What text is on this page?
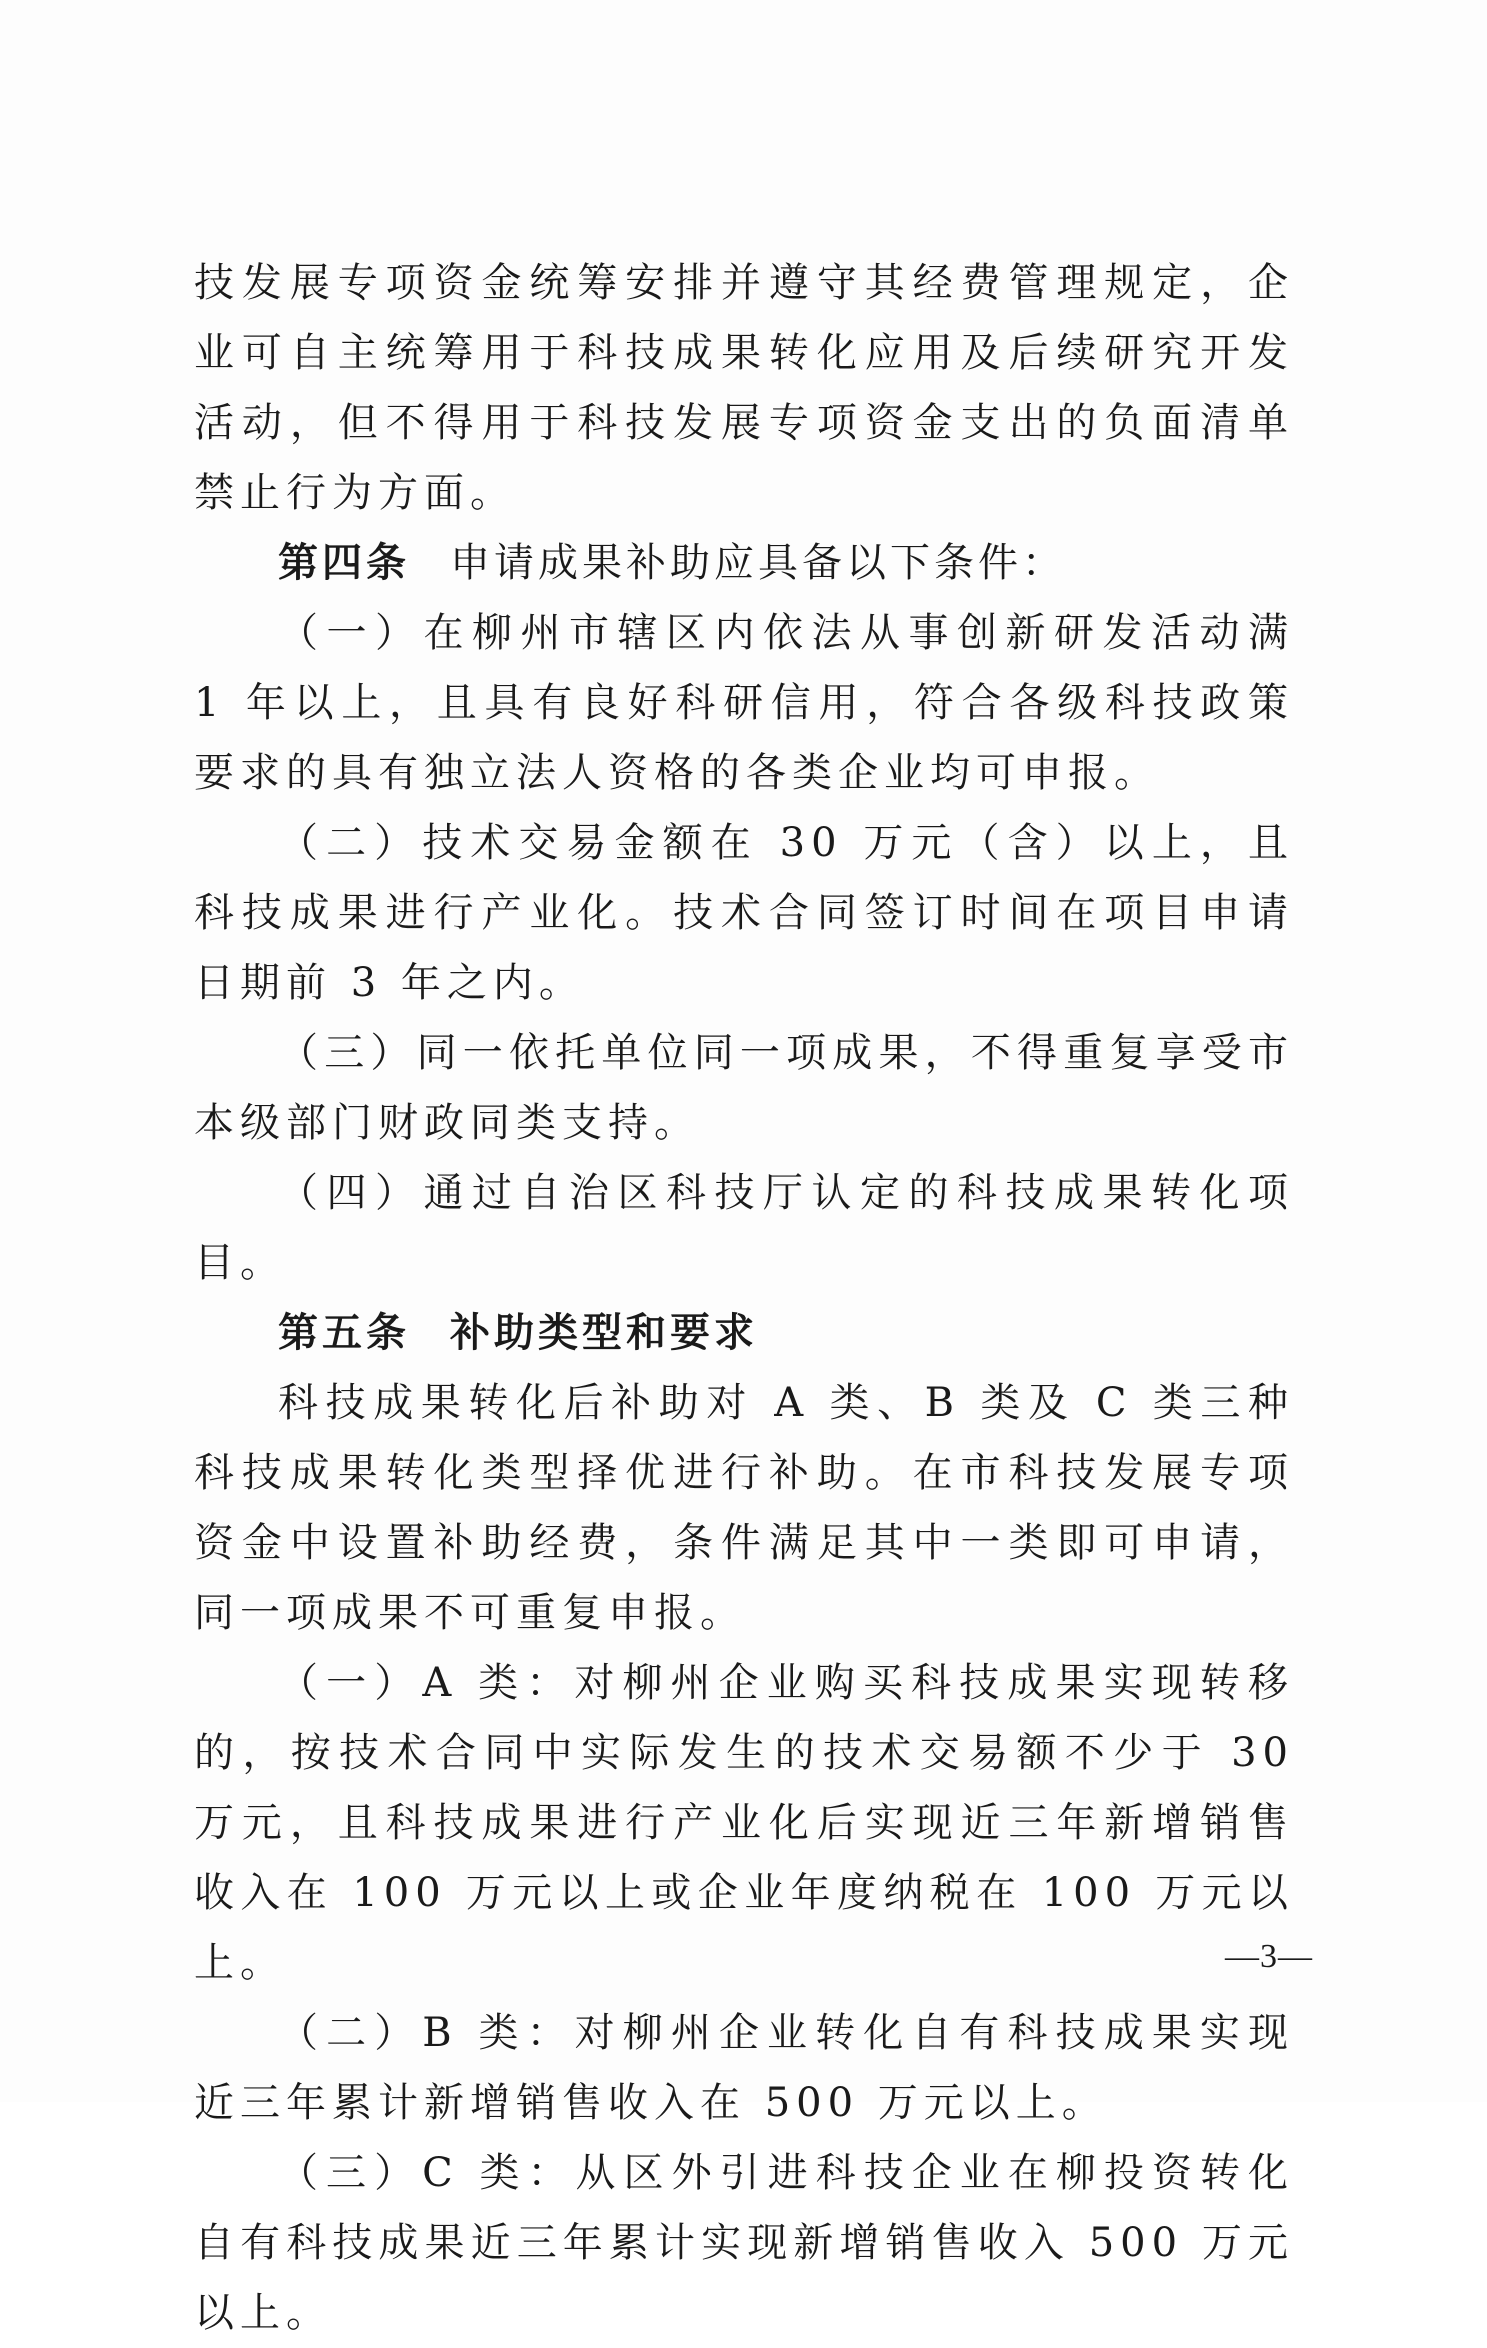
技发展专项资金统筹安排并遵守其经费管理规定，企业可自主统筹用于科技成果转化应用及后续研究开发活动，但不得用于科技发展专项资金支出的负面清单禁止行为方面。

第四条 申请成果补助应具备以下条件：

（一）在柳州市辖区内依法从事创新研发活动满 1 年以上，且具有良好科研信用，符合各级科技政策要求的具有独立法人资格的各类企业均可申报。

（二）技术交易金额在 30 万元（含）以上，且科技成果进行产业化。技术合同签订时间在项目申请日期前 3 年之内。

（三）同一依托单位同一项成果，不得重复享受市本级部门财政同类支持。

（四）通过自治区科技厅认定的科技成果转化项目。

第五条 补助类型和要求

科技成果转化后补助对 A 类、B 类及 C 类三种科技成果转化类型择优进行补助。在市科技发展专项资金中设置补助经费，条件满足其中一类即可申请，同一项成果不可重复申报。

（一）A 类：对柳州企业购买科技成果实现转移的，按技术合同中实际发生的技术交易额不少于 30 万元，且科技成果进行产业化后实现近三年新增销售收入在 100 万元以上或企业年度纳税在 100 万元以上。

（二）B 类：对柳州企业转化自有科技成果实现近三年累计新增销售收入在 500 万元以上。

（三）C 类：从区外引进科技企业在柳投资转化自有科技成果近三年累计实现新增销售收入 500 万元以上。

—3—
